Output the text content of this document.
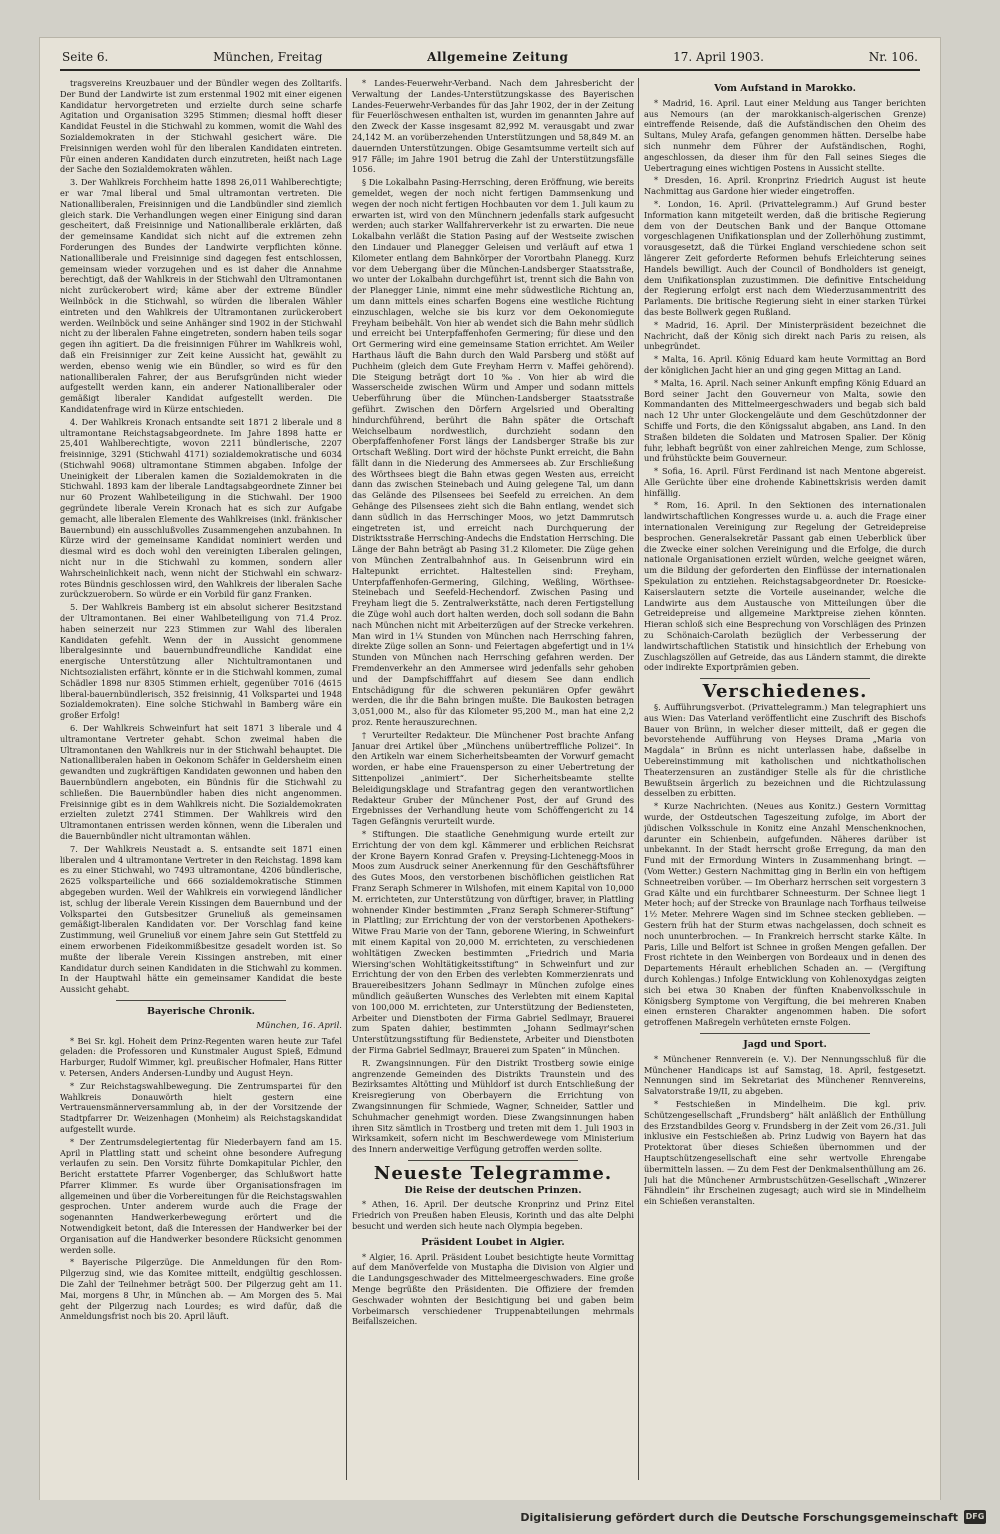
Seite 6.	München, Freitag	Allgemeine Zeitung	17. April 1903.	Nr. 106.

tragsvereins Kreuzbauer und der Bündler wegen des Zolltarifs. Der Bund der Landwirte ist zum erstenmal 1902 mit einer eigenen Kandidatur hervorgetreten und erzielte durch seine scharfe Agitation und Organisation 3295 Stimmen; diesmal hofft dieser Kandidat Feustel in die Stichwahl zu kommen, womit die Wahl des Sozialdemokraten in der Stichwahl gesichert wäre. Die Freisinnigen werden wohl für den liberalen Kandidaten eintreten. Für einen anderen Kandidaten durch einzutreten, heißt nach Lage der Sache den Sozialdemokraten wählen.

3. Der Wahlkreis Forchheim hatte 1898 26,011 Wahlberechtigte; er war 7mal liberal und 5mal ultramontan vertreten. Die Nationalliberalen, Freisinnigen und die Landbündler sind ziemlich gleich stark. Die Verhandlungen wegen einer Einigung sind daran gescheitert, daß Freisinnige und Nationalliberale erklärten, daß der gemeinsame Kandidat sich nicht auf die extremen zehn Forderungen des Bundes der Landwirte verpflichten könne. Nationalliberale und Freisinnige sind dagegen fest entschlossen, gemeinsam wieder vorzugehen und es ist daher die Annahme berechtigt, daß der Wahlkreis in der Stichwahl den Ultramontanen nicht zurückerobert wird; käme aber der extreme Bündler Weilnböck in die Stichwahl, so würden die liberalen Wähler eintreten und den Wahlkreis der Ultramontanen zurückerobert werden. Weilnböck und seine Anhänger sind 1902 in der Stichwahl nicht zu der liberalen Fahne eingetreten, sondern haben teils sogar gegen ihn agitiert. Da die freisinnigen Führer im Wahlkreis wohl, daß ein Freisinniger zur Zeit keine Aussicht hat, gewählt zu werden, ebenso wenig wie ein Bündler, so wird es für den nationalliberalen Fahrer, der aus Berufsgründen nicht wieder aufgestellt werden kann, ein anderer Nationalliberaler oder gemäßigt liberaler Kandidat aufgestellt werden. Die Kandidatenfrage wird in Kürze entschieden.

4. Der Wahlkreis Kronach entsandte seit 1871 2 liberale und 8 ultramontane Reichstagsabgeordnete. Im Jahre 1898 hatte er 25,401 Wahlberechtigte, wovon 2211 bündlerische, 2207 freisinnige, 3291 (Stichwahl 4171) sozialdemokratische und 6034 (Stichwahl 9068) ultramontane Stimmen abgaben. Infolge der Uneinigkeit der Liberalen kamen die Sozialdemokraten in die Stichwahl. 1893 kam der liberale Landtagsabgeordnete Zinner bei nur 60 Prozent Wahlbeteiligung in die Stichwahl. Der 1900 gegründete liberale Verein Kronach hat es sich zur Aufgabe gemacht, alle liberalen Elemente des Wahlkreises (inkl. fränkischer Bauernbund) ein ausschlußvolles Zusammengehen anzubahnen. In Kürze wird der gemeinsame Kandidat nominiert werden und diesmal wird es doch wohl den vereinigten Liberalen gelingen, nicht nur in die Stichwahl zu kommen, sondern aller Wahrscheinlichkeit nach, wenn nicht der Stichwahl ein schwarz-rotes Bündnis geschlossen wird, den Wahlkreis der liberalen Sache zurückzuerobern. So würde er ein Vorbild für ganz Franken.

5. Der Wahlkreis Bamberg ist ein absolut sicherer Besitzstand der Ultramontanen. Bei einer Wahlbeteiligung von 71.4 Proz. haben seinerzeit nur 223 Stimmen zur Wahl des liberalen Kandidaten gefehlt. Wenn der in Aussicht genommene liberalgesinnte und bauernbundfreundliche Kandidat eine energische Unterstützung aller Nichtultramontanen und Nichtsozialisten erfährt, könnte er in die Stichwahl kommen, zumal Schädler 1898 nur 8305 Stimmen erhielt, gegenüber 7016 (4615 liberal-bauernbündlerisch, 352 freisinnig, 41 Volkspartei und 1948 Sozialdemokraten). Eine solche Stichwahl in Bamberg wäre ein großer Erfolg!

6. Der Wahlkreis Schweinfurt hat seit 1871 3 liberale und 4 ultramontane Vertreter gehabt. Schon zweimal haben die Ultramontanen den Wahlkreis nur in der Stichwahl behauptet. Die Nationalliberalen haben in Oekonom Schäfer in Geldersheim einen gewandten und zugkräftigen Kandidaten gewonnen und haben den Bauernbündlern angeboten, ein Bündnis für die Stichwahl zu schließen. Die Bauernbündler haben dies nicht angenommen. Freisinnige gibt es in dem Wahlkreis nicht. Die Sozialdemokraten erzielten zuletzt 2741 Stimmen. Der Wahlkreis wird den Ultramontanen entrissen werden können, wenn die Liberalen und die Bauernbündler nicht ultramontan wählen.

7. Der Wahlkreis Neustadt a. S. entsandte seit 1871 einen liberalen und 4 ultramontane Vertreter in den Reichstag. 1898 kam es zu einer Stichwahl, wo 7493 ultramontane, 4206 bündlerische, 2625 volksparteiliche und 666 sozialdemokratische Stimmen abgegeben wurden. Weil der Wahlkreis ein vorwiegend ländlicher ist, schlug der liberale Verein Kissingen dem Bauernbund und der Volkspartei den Gutsbesitzer Gruneliuß als gemeinsamen gemäßigt-liberalen Kandidaten vor. Der Vorschlag fand keine Zustimmung, weil Gruneliuß vor einem Jahre sein Gut Stettfeld zu einem erworbenen Fideikommißbesitze gesadelt worden ist. So mußte der liberale Verein Kissingen anstreben, mit einer Kandidatur durch seinen Kandidaten in die Stichwahl zu kommen. In der Hauptwahl hätte ein gemeinsamer Kandidat die beste Aussicht gehabt.

Bayerische Chronik.
München, 16. April.

* Bei Sr. kgl. Hoheit dem Prinz-Regenten waren heute zur Tafel geladen: die Professoren und Kunstmaler August Spieß, Edmund Harburger, Rudolf Wimmer, kgl. preußischer Hofmaler, Hans Ritter v. Petersen, Anders Andersen-Lundby und August Heyn.

* Zur Reichstagswahlbewegung. Die Zentrumspartei für den Wahlkreis Donauwörth hielt gestern eine Vertrauensmännerversammlung ab, in der der Vorsitzende der Stadtpfarrer Dr. Weizenhagen (Monheim) als Reichstagskandidat aufgestellt wurde.

* Der Zentrumsdelegiertentag für Niederbayern fand am 15. April in Plattling statt und scheint ohne besondere Aufregung verlaufen zu sein. Den Vorsitz führte Domkapitular Pichler, den Bericht erstattete Pfarrer Vogenberger, das Schlußwort hatte Pfarrer Klimmer. Es wurde über Organisationsfragen im allgemeinen und über die Vorbereitungen für die Reichstagswahlen gesprochen. Unter anderem wurde auch die Frage der sogenannten Handwerkerbewegung erörtert und die Notwendigkeit betont, daß die Interessen der Handwerker bei der Organisation auf die Handwerker besondere Rücksicht genommen werden solle.

* Bayerische Pilgerzüge. Die Anmeldungen für den Rom-Pilgerzug sind, wie das Komitee mitteilt, endgültig geschlossen. Die Zahl der Teilnehmer beträgt 500. Der Pilgerzug geht am 11. Mai, morgens 8 Uhr, in München ab. — Am Morgen des 5. Mai geht der Pilgerzug nach Lourdes; es wird dafür, daß die Anmeldungsfrist noch bis 20. April läuft.

* Landes-Feuerwehr-Verband. Nach dem Jahresbericht der Verwaltung der Landes-Unterstützungskasse des Bayerischen Landes-Feuerwehr-Verbandes für das Jahr 1902, der in der Zeitung für Feuerlöschwesen enthalten ist, wurden im genannten Jahre auf den Zweck der Kasse insgesamt 82,992 M. verausgabt und zwar 24,142 M. an vorüberzehenden Unterstützungen und 58,849 M. an dauernden Unterstützungen. Obige Gesamtsumme verteilt sich auf 917 Fälle; im Jahre 1901 betrug die Zahl der Unterstützungsfälle 1056.

§ Die Lokalbahn Pasing-Herrsching, deren Eröffnung, wie bereits gemeldet, wegen der noch nicht fertigen Dammsenkung und wegen der noch nicht fertigen Hochbauten vor dem 1. Juli kaum zu erwarten ist, wird von den Münchnern jedenfalls stark aufgesucht werden; auch starker Wallfahrerverkehr ist zu erwarten. Die neue Lokalbahn verläßt die Station Pasing auf der Westseite zwischen den Lindauer und Planegger Geleisen und verläuft auf etwa 1 Kilometer entlang dem Bahnkörper der Vorortbahn Planegg. Kurz vor dem Uebergang über die München-Landsberger Staatsstraße, wo unter der Lokalbahn durchgeführt ist, trennt sich die Bahn von der Planegger Linie, nimmt eine mehr südwestliche Richtung an, um dann mittels eines scharfen Bogens eine westliche Richtung einzuschlagen, welche sie bis kurz vor dem Oekonomiegute Freyham beibehält. Von hier ab wendet sich die Bahn mehr südlich und erreicht bei Unterpfaffenhofen Germering; für diese und den Ort Germering wird eine gemeinsame Station errichtet. Am Weiler Harthaus läuft die Bahn durch den Wald Parsberg und stößt auf Puchheim (gleich dem Gute Freyham Herrn v. Maffei gehörend). Die Steigung beträgt dort 10 ‰. Von hier ab wird die Wasserscheide zwischen Würm und Amper und sodann mittels Ueberführung über die München-Landsberger Staatsstraße geführt. Zwischen den Dörfern Argelsried und Oberalting hindurchführend, berührt die Bahn später die Ortschaft Weichselbaum nordwestlich, durchzieht sodann den Oberpfaffenhofener Forst längs der Landsberger Straße bis zur Ortschaft Weßling. Dort wird der höchste Punkt erreicht, die Bahn fällt dann in die Niederung des Ammersees ab. Zur Erschließung des Wörthsees biegt die Bahn etwas gegen Westen aus, erreicht dann das zwischen Steinebach und Auing gelegene Tal, um dann das Gelände des Pilsensees bei Seefeld zu erreichen. An dem Gehänge des Pilsensees zieht sich die Bahn entlang, wendet sich dann südlich in das Herrschinger Moos, wo jetzt Dammrutsch eingetreten ist, und erreicht nach Durchquerung der Distriktsstraße Herrsching-Andechs die Endstation Herrsching. Die Länge der Bahn beträgt ab Pasing 31.2 Kilometer. Die Züge gehen von München Zentralbahnhof aus. In Geisenbrunn wird ein Haltepunkt errichtet. Haltestellen sind: Freyham, Unterpfaffenhofen-Germering, Gilching, Weßling, Wörthsee-Steinebach und Seefeld-Hechendorf. Zwischen Pasing und Freyham liegt die 5. Zentralwerkstätte, nach deren Fertigstellung die Züge wohl auch dort halten werden, doch soll sodann die Bahn nach München nicht mit Arbeiterzügen auf der Strecke verkehren. Man wird in 1¼ Stunden von München nach Herrsching fahren, direkte Züge sollen an Sonn- und Feiertagen abgefertigt und in 1¼ Stunden von München nach Herrsching gefahren werden. Der Fremdenverkehr an den Ammersee wird jedenfalls sehr gehoben und der Dampfschifffahrt auf diesem See dann endlich Entschädigung für die schweren pekuniären Opfer gewährt werden, die ihr die Bahn bringen mußte. Die Baukosten betragen 3,051,000 M., also für das Kilometer 95,200 M., man hat eine 2,2 proz. Rente herauszurechnen.

† Verurteilter Redakteur. Die Münchener Post brachte Anfang Januar drei Artikel über „Münchens unübertreffliche Polizei“. In den Artikeln war einem Sicherheitsbeamten der Vorwurf gemacht worden, er habe eine Frauensperson zu einer Uebertretung der Sittenpolizei „animiert“. Der Sicherheitsbeamte stellte Beleidigungsklage und Strafantrag gegen den verantwortlichen Redakteur Gruber der Münchener Post, der auf Grund des Ergebnisses der Verhandlung heute vom Schöffengericht zu 14 Tagen Gefängnis verurteilt wurde.

* Stiftungen. Die staatliche Genehmigung wurde erteilt zur Errichtung der von dem kgl. Kämmerer und erblichen Reichsrat der Krone Bayern Konrad Grafen v. Preysing-Lichtenegg-Moos in Moos zum Ausdruck seiner Anerkennung für den Geschäftsführer des Gutes Moos, den verstorbenen bischöflichen geistlichen Rat Franz Seraph Schmerer in Wilshofen, mit einem Kapital von 10,000 M. errichteten, zur Unterstützung von dürftiger, braver, in Plattling wohnender Kinder bestimmten „Franz Seraph Schmerer-Stiftung“ in Plattling; zur Errichtung der von der verstorbenen Apothekers-Witwe Frau Marie von der Tann, geborene Wiering, in Schweinfurt mit einem Kapital von 20,000 M. errichteten, zu verschiedenen wohltätigen Zwecken bestimmten „Friedrich und Maria Wiersing'schen Wohltätigkeitsstiftung“ in Schweinfurt und zur Errichtung der von den Erben des verlebten Kommerzienrats und Brauereibesitzers Johann Sedlmayr in München zufolge eines mündlich geäußerten Wunsches des Verlebten mit einem Kapital von 100,000 M. errichteten, zur Unterstützung der Bediensteten, Arbeiter und Dienstboten der Firma Gabriel Sedlmayr, Brauerei zum Spaten dahier, bestimmten „Johann Sedlmayr'schen Unterstützungsstiftung für Bedienstete, Arbeiter und Dienstboten der Firma Gabriel Sedlmayr, Brauerei zum Spaten“ in München.

R. Zwangsinnungen. Für den Distrikt Trostberg sowie einige angrenzende Gemeinden des Distrikts Traunstein und des Bezirksamtes Altötting und Mühldorf ist durch Entschließung der Kreisregierung von Oberbayern die Errichtung von Zwangsinnungen für Schmiede, Wagner, Schneider, Sattler und Schuhmacher genehmigt worden. Diese Zwangsinnungen haben ihren Sitz sämtlich in Trostberg und treten mit dem 1. Juli 1903 in Wirksamkeit, sofern nicht im Beschwerdewege vom Ministerium des Innern anderweitige Verfügung getroffen werden sollte.

Neueste Telegramme.
Die Reise der deutschen Prinzen.

* Athen, 16. April. Der deutsche Kronprinz und Prinz Eitel Friedrich von Preußen haben Eleusis, Korinth und das alte Delphi besucht und werden sich heute nach Olympia begeben.

Präsident Loubet in Algier.

* Algier, 16. April. Präsident Loubet besichtigte heute Vormittag auf dem Manöverfelde von Mustapha die Division von Algier und die Landungsgeschwader des Mittelmeergeschwaders. Eine große Menge begrüßte den Präsidenten. Die Offiziere der fremden Geschwader wohnten der Besichtigung bei und gaben beim Vorbeimarsch verschiedener Truppenabteilungen mehrmals Beifallszeichen.

Vom Aufstand in Marokko.

* Madrid, 16. April. Laut einer Meldung aus Tanger berichten aus Nemours (an der marokkanisch-algerischen Grenze) eintreffende Reisende, daß die Aufständischen den Oheim des Sultans, Muley Arafa, gefangen genommen hätten. Derselbe habe sich nunmehr dem Führer der Aufständischen, Roghi, angeschlossen, da dieser ihm für den Fall seines Sieges die Uebertragung eines wichtigen Postens in Aussicht stellte.

* Dresden, 16. April. Kronprinz Friedrich August ist heute Nachmittag aus Gardone hier wieder eingetroffen.

*. London, 16. April. (Privattelegramm.) Auf Grund bester Information kann mitgeteilt werden, daß die britische Regierung dem von der Deutschen Bank und der Banque Ottomane vorgeschlagenen Unifikationsplan und der Zollerhöhung zustimmt, vorausgesetzt, daß die Türkei England verschiedene schon seit längerer Zeit geforderte Reformen behufs Erleichterung seines Handels bewilligt. Auch der Council of Bondholders ist geneigt, dem Unifikationsplan zuzustimmen. Die definitive Entscheidung der Regierung erfolgt erst nach dem Wiederzusammentritt des Parlaments. Die britische Regierung sieht in einer starken Türkei das beste Bollwerk gegen Rußland.

* Madrid, 16. April. Der Ministerpräsident bezeichnet die Nachricht, daß der König sich direkt nach Paris zu reisen, als unbegründet.

* Malta, 16. April. König Eduard kam heute Vormittag an Bord der königlichen Jacht hier an und ging gegen Mittag an Land.

* Malta, 16. April. Nach seiner Ankunft empfing König Eduard an Bord seiner Jacht den Gouverneur von Malta, sowie den Kommandanten des Mittelmeergeschwaders und begab sich bald nach 12 Uhr unter Glockengeläute und dem Geschützdonner der Schiffe und Forts, die den Königssalut abgaben, ans Land. In den Straßen bildeten die Soldaten und Matrosen Spalier. Der König fuhr, lebhaft begrüßt von einer zahlreichen Menge, zum Schlosse, und frühstückte beim Gouverneur.

* Sofia, 16. April. Fürst Ferdinand ist nach Mentone abgereist. Alle Gerüchte über eine drohende Kabinettskrisis werden damit hinfällig.

* Rom, 16. April. In den Sektionen des internationalen landwirtschaftlichen Kongresses wurde u. a. auch die Frage einer internationalen Vereinigung zur Regelung der Getreidepreise besprochen. Generalsekretär Passant gab einen Ueberblick über die Zwecke einer solchen Vereinigung und die Erfolge, die durch nationale Organisationen erzielt würden, welche geeignet wären, um die Bildung der geforderten den Einflüsse der internationalen Spekulation zu entziehen. Reichstagsabgeordneter Dr. Roesicke-Kaiserslautern setzte die Vorteile auseinander, welche die Landwirte aus dem Austausche von Mitteilungen über die Getreidepreise und allgemeine Marktpreise ziehen könnten. Hieran schloß sich eine Besprechung von Vorschlägen des Prinzen zu Schönaich-Carolath bezüglich der Verbesserung der landwirtschaftlichen Statistik und hinsichtlich der Erhebung von Zuschlagszöllen auf Getreide, das aus Ländern stammt, die direkte oder indirekte Exportprämien geben.

Verschiedenes.

§. Aufführungsverbot. (Privattelegramm.) Man telegraphiert uns aus Wien: Das Vaterland veröffentlicht eine Zuschrift des Bischofs Bauer von Brünn, in welcher dieser mitteilt, daß er gegen die bevorstehende Aufführung von Heyses Drama „Maria von Magdala“ in Brünn es nicht unterlassen habe, daßselbe in Uebereinstimmung mit katholischen und nichtkatholischen Theaterzensuren an zuständiger Stelle als für die christliche Bewußtsein ärgerlich zu bezeichnen und die Richtzulassung desselben zu erbitten.

* Kurze Nachrichten. (Neues aus Konitz.) Gestern Vormittag wurde, der Ostdeutschen Tageszeitung zufolge, im Abort der jüdischen Volksschule in Konitz eine Anzahl Menschenknochen, darunter ein Schienbein, aufgefunden. Näheres darüber ist unbekannt. In der Stadt herrscht große Erregung, da man den Fund mit der Ermordung Winters in Zusammenhang bringt. — (Vom Wetter.) Gestern Nachmittag ging in Berlin ein von heftigem Schneetreiben vorüber. — Im Oberharz herrschen seit vorgestern 3 Grad Kälte und ein furchtbarer Schneesturm. Der Schnee liegt 1 Meter hoch; auf der Strecke von Braunlage nach Torfhaus teilweise 1½ Meter. Mehrere Wagen sind im Schnee stecken geblieben. — Gestern früh hat der Sturm etwas nachgelassen, doch schneit es noch ununterbrochen. — In Frankreich herrscht starke Kälte. In Paris, Lille und Belfort ist Schnee in großen Mengen gefallen. Der Frost richtete in den Weinbergen von Bordeaux und in denen des Departements Hérault erheblichen Schaden an. — (Vergiftung durch Kohlengas.) Infolge Entwicklung von Kohlenoxydgas zeigten sich bei etwa 30 Knaben der fünften Knabenvolksschule in Königsberg Symptome von Vergiftung, die bei mehreren Knaben einen ernsteren Charakter angenommen haben. Die sofort getroffenen Maßregeln verhüteten ernste Folgen.

Jagd und Sport.

* Münchener Rennverein (e. V.). Der Nennungsschluß für die Münchener Handicaps ist auf Samstag, 18. April, festgesetzt. Nennungen sind im Sekretariat des Münchener Rennvereins, Salvatorstraße 19/II, zu abgeben.

* Festschießen in Mindelheim. Die kgl. priv. Schützengesellschaft „Frundsberg“ hält anläßlich der Enthüllung des Erzstandbildes Georg v. Frundsberg in der Zeit vom 26./31. Juli inklusive ein Festschießen ab. Prinz Ludwig von Bayern hat das Protektorat über dieses Schießen übernommen und der Hauptschützengesellschaft eine sehr wertvolle Ehrengabe übermitteln lassen. — Zu dem Fest der Denkmalsenthüllung am 26. Juli hat die Münchener Armbrustschützen-Gesellschaft „Winzerer Fähndlein“ ihr Erscheinen zugesagt; auch wird sie in Mindelheim ein Schießen veranstalten.

Digitalisierung gefördert durch die Deutsche Forschungsgemeinschaft DFG
